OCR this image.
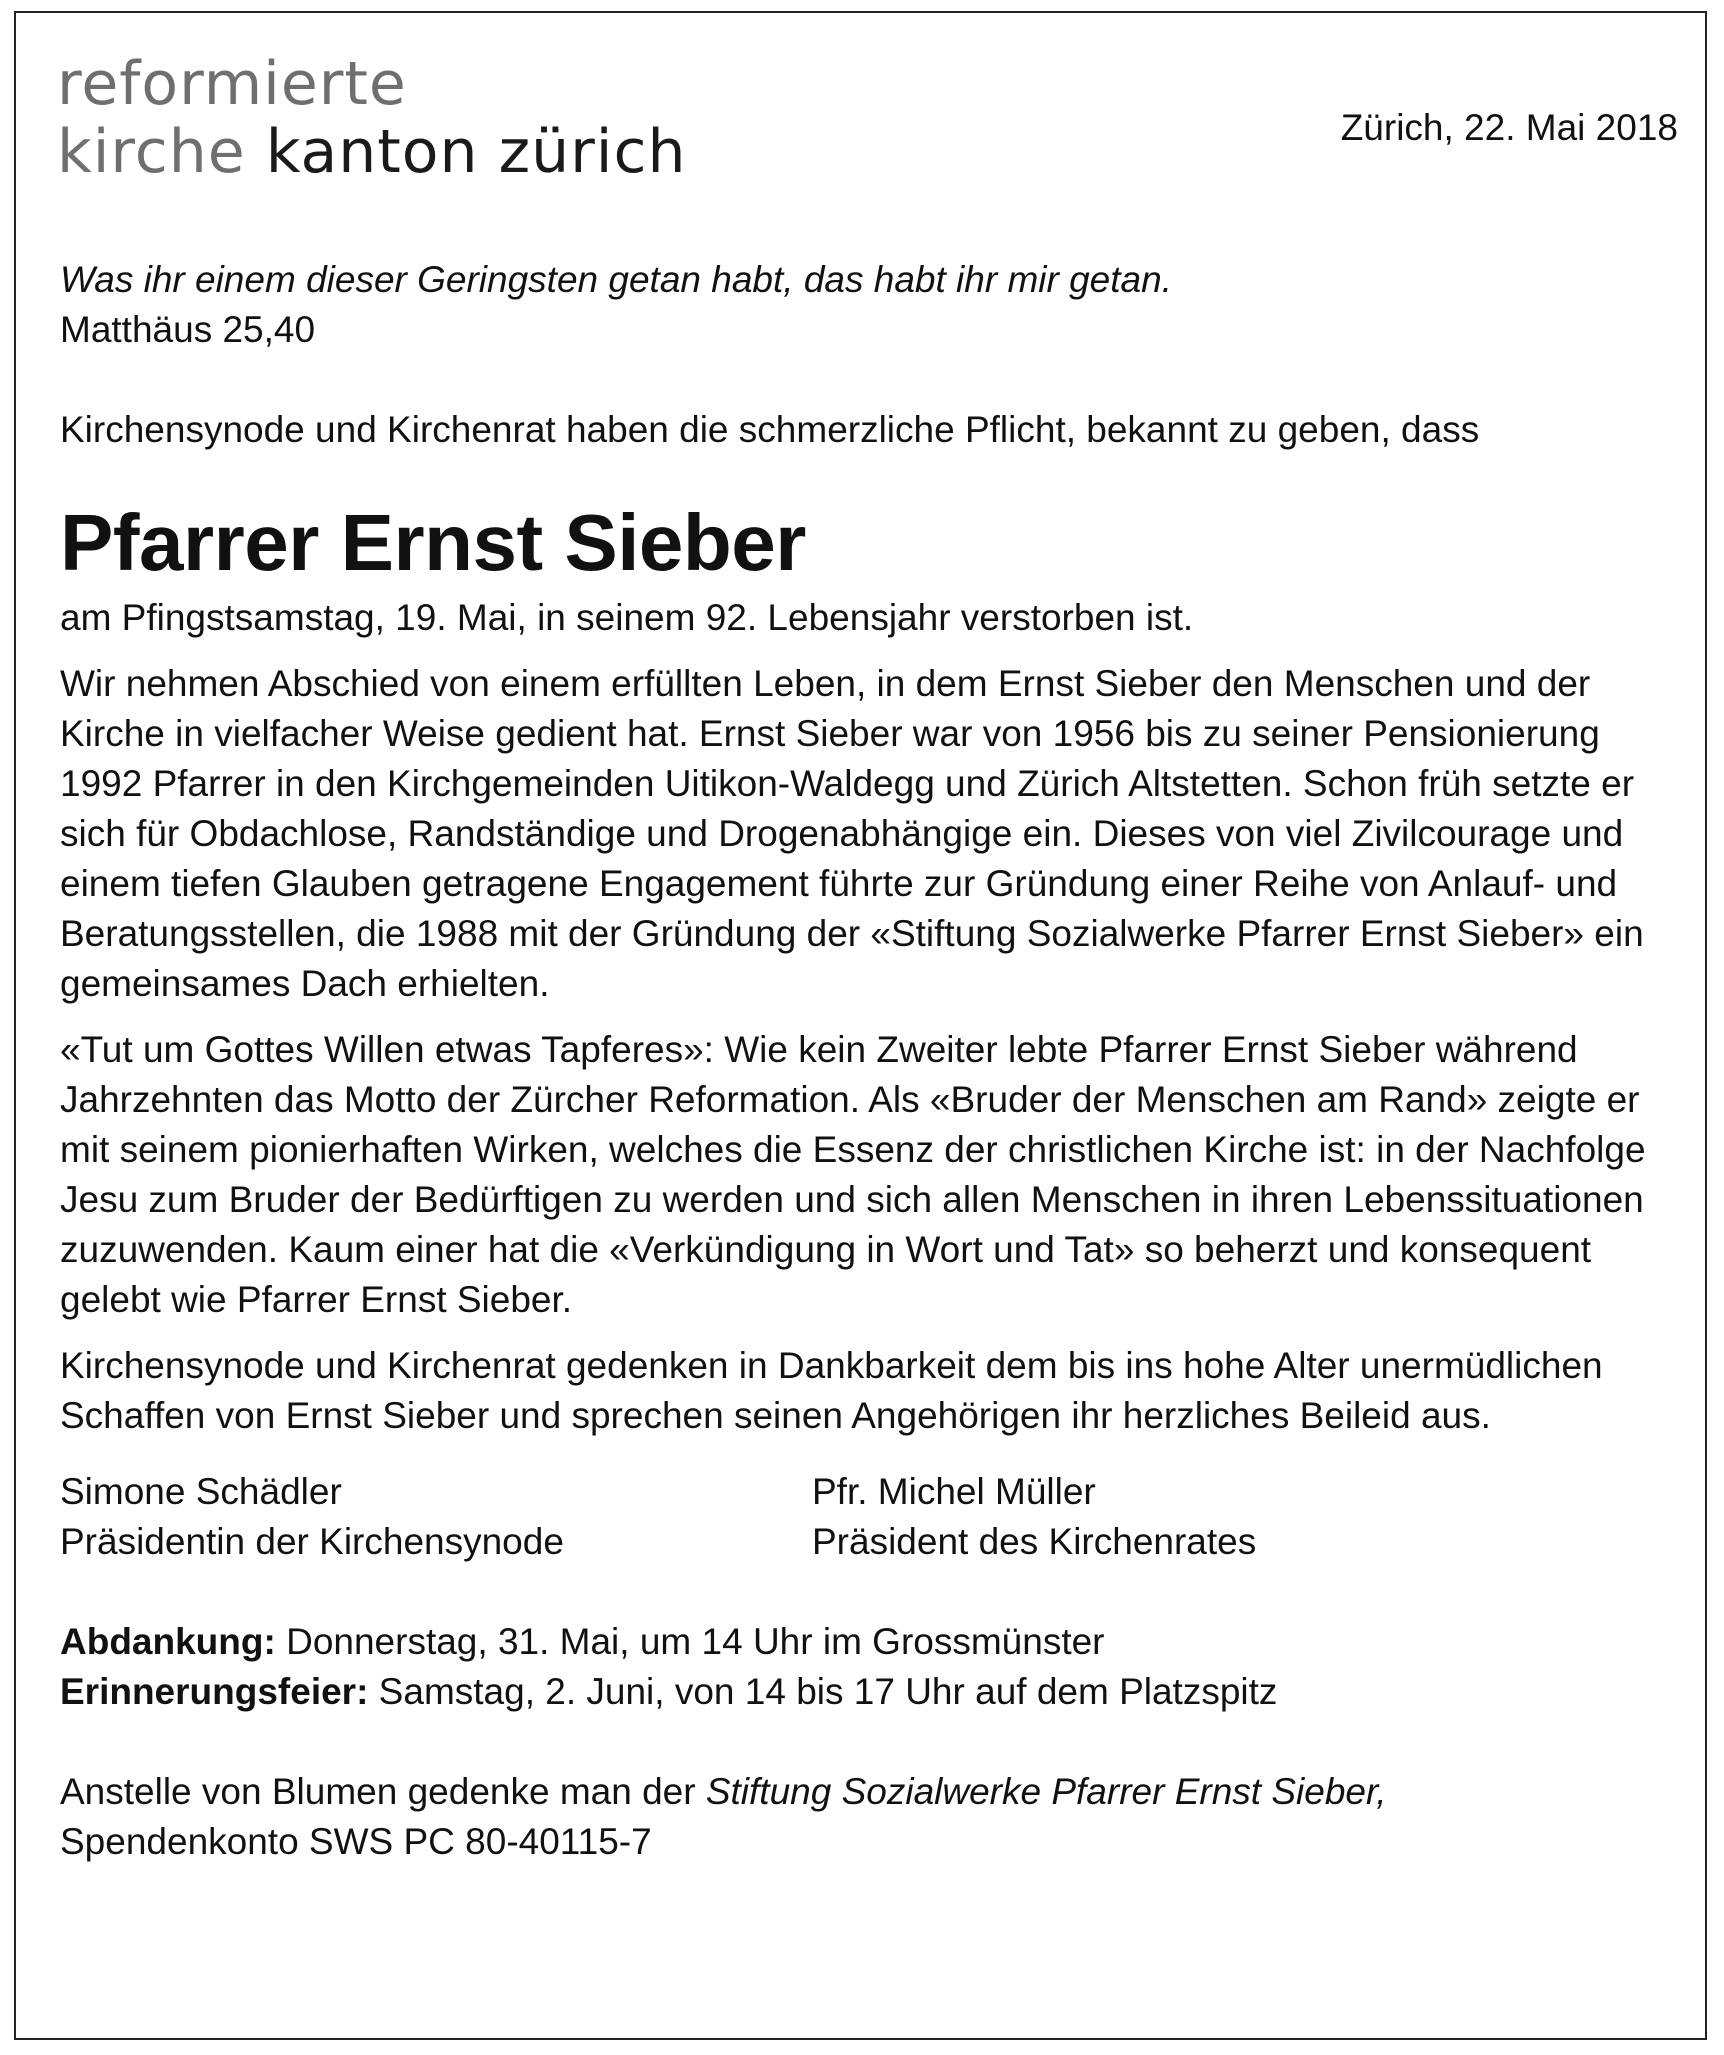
reformierte
kirche kanton zürich	Zürich, 22. Mai 2018
Was ihr einem dieser Geringsten getan habt, das habt ihr mir getan.
Matthäus 25,40
Kirchensynode und Kirchenrat haben die schmerzliche Pflicht, bekannt zu geben, dass
Pfarrer Ernst Sieber
am Pfingstsamstag, 19. Mai, in seinem 92. Lebensjahr verstorben ist.

Wir nehmen Abschied von einem erfüllten Leben, in dem Ernst Sieber den Menschen und der Kirche in vielfacher Weise gedient hat. Ernst Sieber war von 1956 bis zu seiner Pensionierung 1992 Pfarrer in den Kirchgemeinden Uitikon-Waldegg und Zürich Altstetten. Schon früh setzte er sich für Obdachlose, Randständige und Drogenabhängige ein. Dieses von viel Zivilcourage und einem tiefen Glauben getragene Engagement führte zur Gründung einer Reihe von Anlauf- und Beratungsstellen, die 1988 mit der Gründung der «Stiftung Sozialwerke Pfarrer Ernst Sieber» ein gemeinsames Dach erhielten.

«Tut um Gottes Willen etwas Tapferes»: Wie kein Zweiter lebte Pfarrer Ernst Sieber während Jahrzehnten das Motto der Zürcher Reformation. Als «Bruder der Menschen am Rand» zeigte er mit seinem pionierhaften Wirken, welches die Essenz der christlichen Kirche ist: in der Nachfolge Jesu zum Bruder der Bedürftigen zu werden und sich allen Menschen in ihren Lebenssituationen zuzuwenden. Kaum einer hat die «Verkündigung in Wort und Tat» so beherzt und konsequent gelebt wie Pfarrer Ernst Sieber.

Kirchensynode und Kirchenrat gedenken in Dankbarkeit dem bis ins hohe Alter unermüdlichen Schaffen von Ernst Sieber und sprechen seinen Angehörigen ihr herzliches Beileid aus.

Simone Schädler
Präsidentin der Kirchensynode
Pfr. Michel Müller
Präsident des Kirchenrates
Abdankung: Donnerstag, 31. Mai, um 14 Uhr im Grossmünster
Erinnerungsfeier: Samstag, 2. Juni, von 14 bis 17 Uhr auf dem Platzspitz
Anstelle von Blumen gedenke man der Stiftung Sozialwerke Pfarrer Ernst Sieber,
Spendenkonto SWS PC 80-40115-7
